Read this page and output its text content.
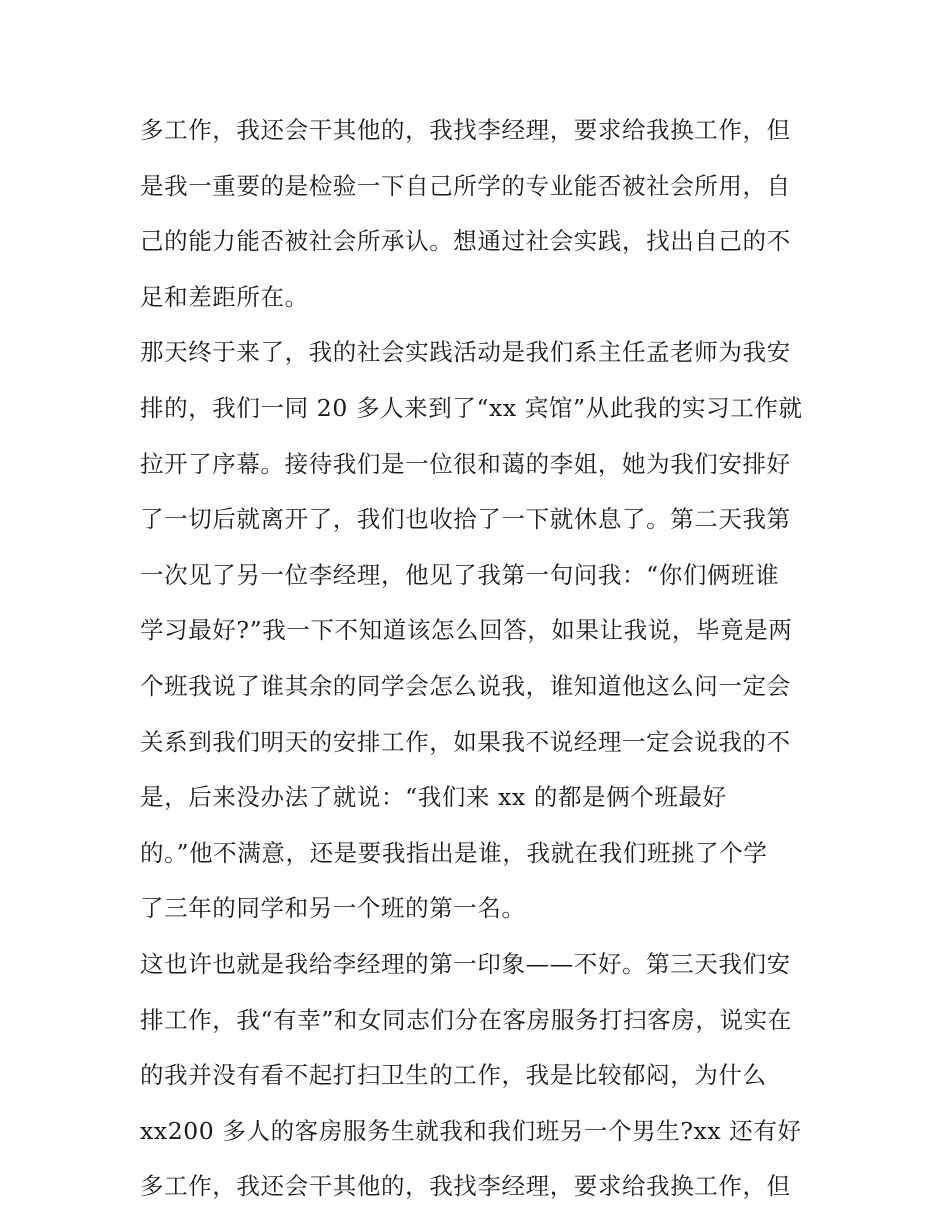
多工作，我还会干其他的，我找李经理，要求给我换工作，但
是我一重要的是检验一下自己所学的专业能否被社会所用，自
己的能力能否被社会所承认。想通过社会实践，找出自己的不
足和差距所在。
那天终于来了，我的社会实践活动是我们系主任孟老师为我安
排的，我们一同 20 多人来到了“xx 宾馆”从此我的实习工作就
拉开了序幕。接待我们是一位很和蔼的李姐，她为我们安排好
了一切后就离开了，我们也收拾了一下就休息了。第二天我第
一次见了另一位李经理，他见了我第一句问我：“你们俩班谁
学习最好?”我一下不知道该怎么回答，如果让我说，毕竟是两
个班我说了谁其余的同学会怎么说我，谁知道他这么问一定会
关系到我们明天的安排工作，如果我不说经理一定会说我的不
是，后来没办法了就说：“我们来 xx 的都是俩个班最好
的。”他不满意，还是要我指出是谁，我就在我们班挑了个学
了三年的同学和另一个班的第一名。
这也许也就是我给李经理的第一印象——不好。第三天我们安
排工作，我“有幸”和女同志们分在客房服务打扫客房，说实在
的我并没有看不起打扫卫生的工作，我是比较郁闷，为什么
xx200 多人的客房服务生就我和我们班另一个男生?xx 还有好
多工作，我还会干其他的，我找李经理，要求给我换工作，但
